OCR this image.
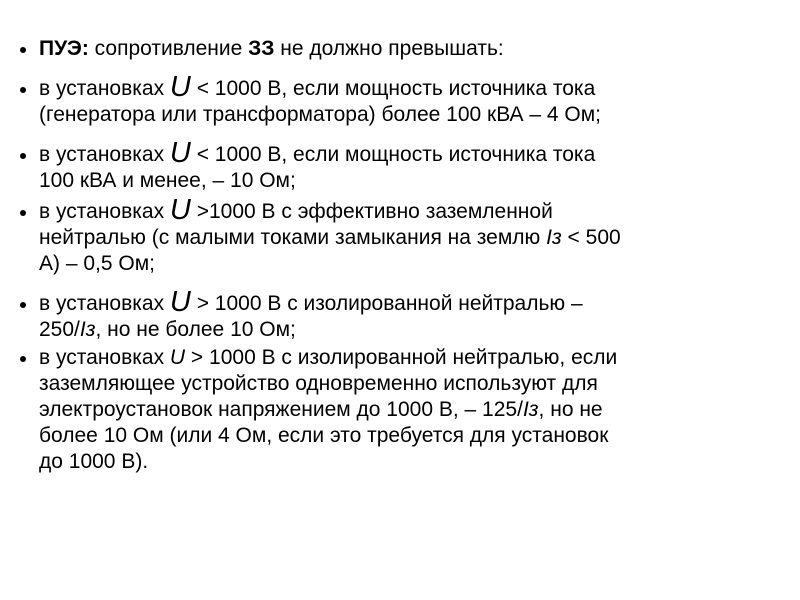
ПУЭ: сопротивление ЗЗ не должно превышать:
в установках U < 1000 В, если мощность источника тока
(генератора или трансформатора) более 100 кВА – 4 Ом;
в установках U < 1000 В, если мощность источника тока
100 кВА и менее, – 10 Ом;
в установках U >1000 В с эффективно заземленной
нейтралью (с малыми токами замыкания на землю Iз < 500
А) – 0,5 Ом;
в установках U > 1000 В с изолированной нейтралью –
250/Iз, но не более 10 Ом;
в установках U > 1000 В с изолированной нейтралью, если
заземляющее устройство одновременно используют для
электроустановок напряжением до 1000 В, – 125/Iз, но не
более 10 Ом (или 4 Ом, если это требуется для установок
до 1000 В).
